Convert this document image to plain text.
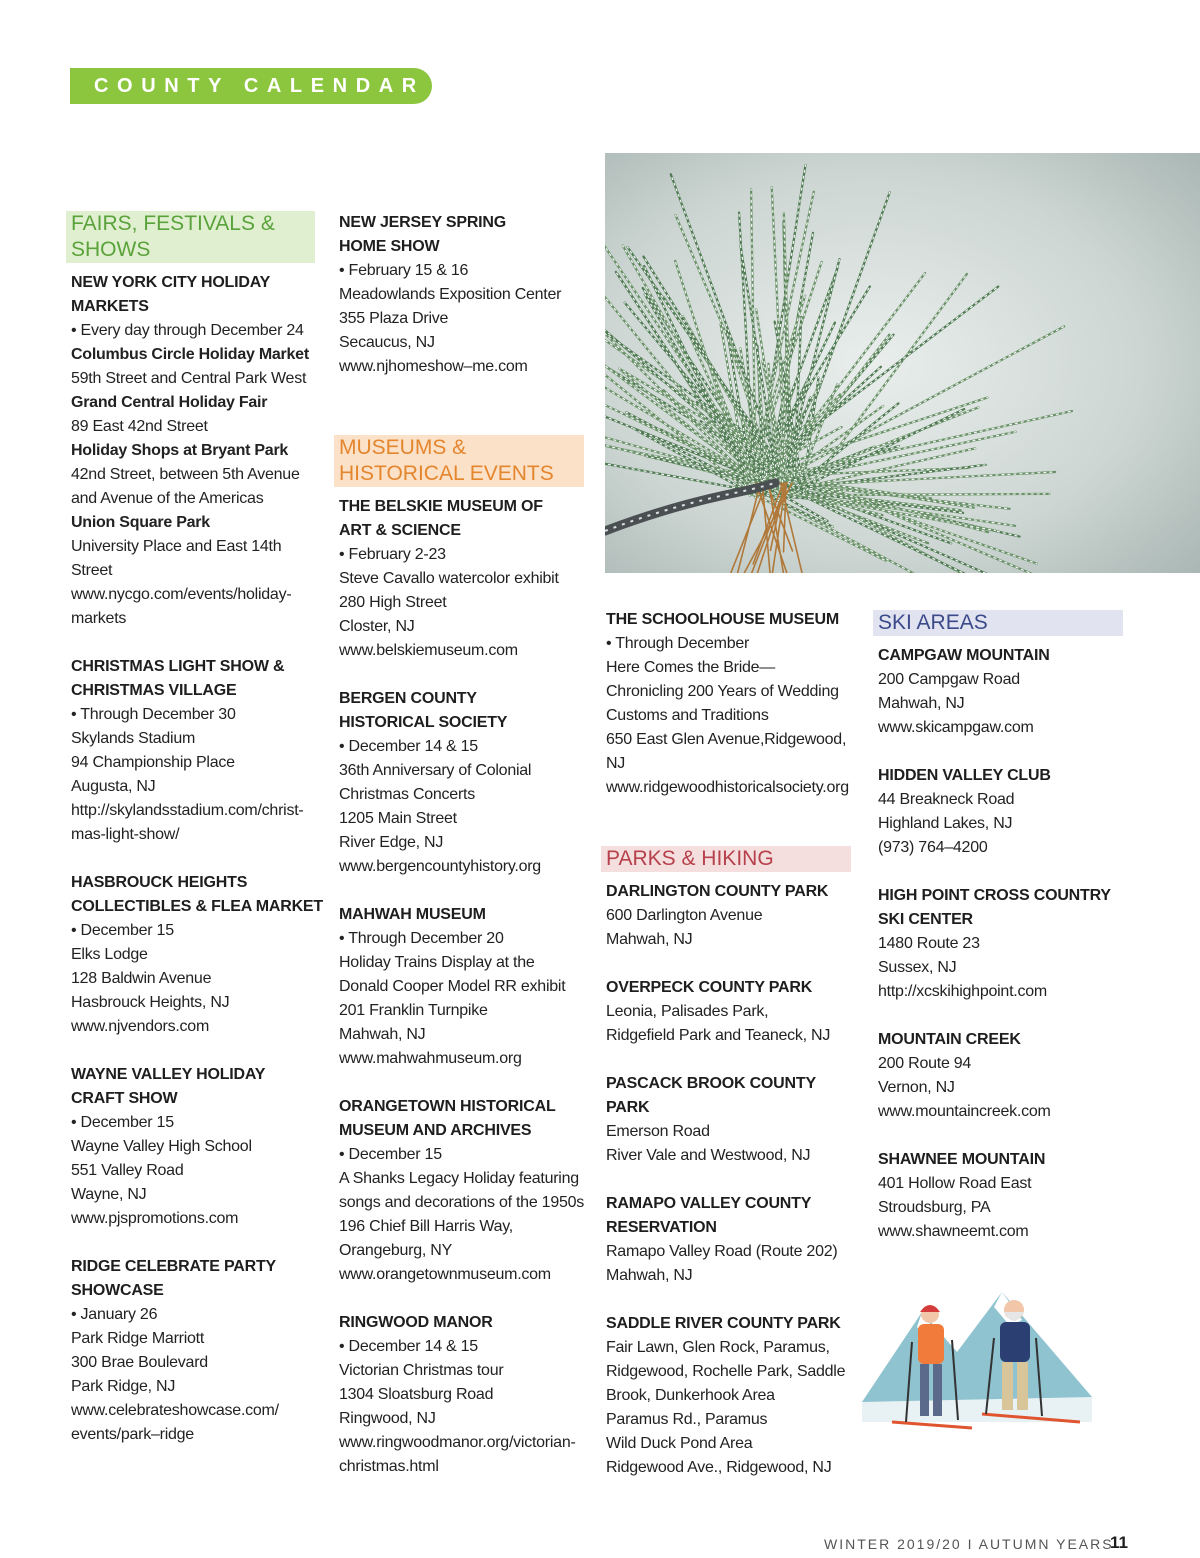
COUNTY CALENDAR
FAIRS, FESTIVALS & SHOWS
NEW YORK CITY HOLIDAY
MARKETS
• Every day through December 24
Columbus Circle Holiday Market
59th Street and Central Park West
Grand Central Holiday Fair
89 East 42nd Street
Holiday Shops at Bryant Park
42nd Street, between 5th Avenue
and Avenue of the Americas
Union Square Park
University Place and East 14th Street
www.nycgo.com/events/holiday-
markets
CHRISTMAS LIGHT SHOW &
CHRISTMAS VILLAGE
• Through December 30
Skylands Stadium
94 Championship Place
Augusta, NJ
http://skylandsstadium.com/christ-
mas-light-show/
HASBROUCK HEIGHTS
COLLECTIBLES & FLEA MARKET
• December 15
Elks Lodge
128 Baldwin Avenue
Hasbrouck Heights, NJ
www.njvendors.com
WAYNE VALLEY HOLIDAY
CRAFT SHOW
• December 15
Wayne Valley High School
551 Valley Road
Wayne, NJ
www.pjspromotions.com
RIDGE CELEBRATE PARTY
SHOWCASE
• January 26
Park Ridge Marriott
300 Brae Boulevard
Park Ridge, NJ
www.celebrateshowcase.com/
events/park–ridge
NEW JERSEY SPRING
HOME SHOW
• February 15 & 16
Meadowlands Exposition Center
355 Plaza Drive
Secaucus, NJ
www.njhomeshow–me.com
MUSEUMS & HISTORICAL EVENTS
THE BELSKIE MUSEUM OF
ART & SCIENCE
• February 2-23
Steve Cavallo watercolor exhibit
280 High Street
Closter, NJ
www.belskiemuseum.com
BERGEN COUNTY
HISTORICAL SOCIETY
• December 14 & 15
36th Anniversary of Colonial
Christmas Concerts
1205 Main Street
River Edge, NJ
www.bergencountyhistory.org
MAHWAH MUSEUM
• Through December 20
Holiday Trains Display at the
Donald Cooper Model RR exhibit
201 Franklin Turnpike
Mahwah, NJ
www.mahwahmuseum.org
ORANGETOWN HISTORICAL
MUSEUM AND ARCHIVES
• December 15
A Shanks Legacy Holiday featuring
songs and decorations of the 1950s
196 Chief Bill Harris Way,
Orangeburg, NY
www.orangetownmuseum.com
RINGWOOD MANOR
• December 14 & 15
Victorian Christmas tour
1304 Sloatsburg Road
Ringwood, NJ
www.ringwoodmanor.org/victorian-
christmas.html
THE SCHOOLHOUSE MUSEUM
• Through December
Here Comes the Bride—
Chronicling 200 Years of Wedding
Customs and Traditions
650 East Glen Avenue,Ridgewood, NJ
www.ridgewoodhistoricalsociety.org
PARKS & HIKING
DARLINGTON COUNTY PARK
600 Darlington Avenue
Mahwah, NJ
OVERPECK COUNTY PARK
Leonia, Palisades Park,
Ridgefield Park and Teaneck, NJ
PASCACK BROOK COUNTY PARK
Emerson Road
River Vale and Westwood, NJ
RAMAPO VALLEY COUNTY
RESERVATION
Ramapo Valley Road (Route 202)
Mahwah, NJ
SADDLE RIVER COUNTY PARK
Fair Lawn, Glen Rock, Paramus,
Ridgewood, Rochelle Park, Saddle
Brook, Dunkerhook Area
Paramus Rd., Paramus
Wild Duck Pond Area
Ridgewood Ave., Ridgewood, NJ
SKI AREAS
CAMPGAW MOUNTAIN
200 Campgaw Road
Mahwah, NJ
www.skicampgaw.com
HIDDEN VALLEY CLUB
44 Breakneck Road
Highland Lakes, NJ
(973) 764–4200
HIGH POINT CROSS COUNTRY
SKI CENTER
1480 Route 23
Sussex, NJ
http://xcskihighpoint.com
MOUNTAIN CREEK
200 Route 94
Vernon, NJ
www.mountaincreek.com
SHAWNEE MOUNTAIN
401 Hollow Road East
Stroudsburg, PA
www.shawneemt.com
WINTER 2019/20 I AUTUMN YEARS
11
